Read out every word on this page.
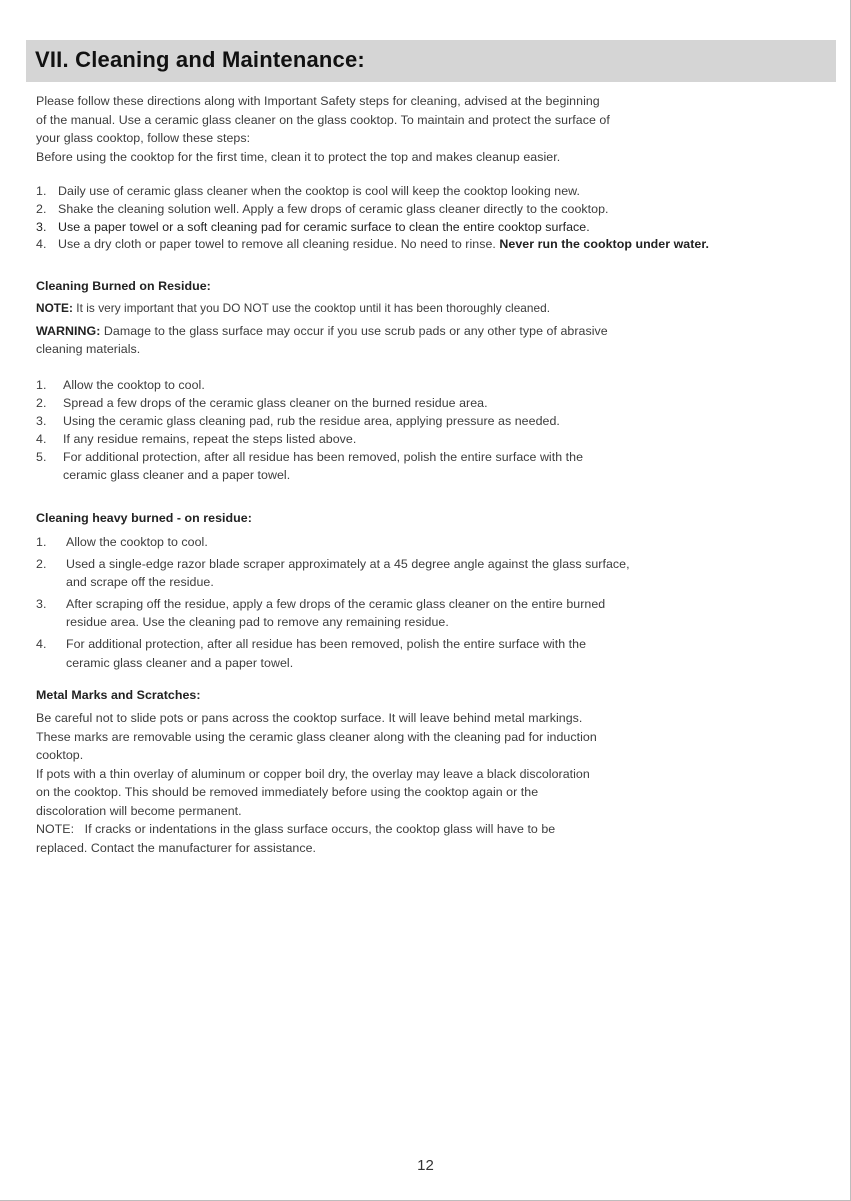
VII. Cleaning and Maintenance:

Please follow these directions along with Important Safety steps for cleaning, advised at the beginning

of the manual. Use a ceramic glass cleaner on the glass cooktop. To maintain and protect the surface of

your glass cooktop, follow these steps:

Before using the cooktop for the first time, clean it to protect the top and makes cleanup easier.

1. Daily use of ceramic glass cleaner when the cooktop is cool will keep the cooktop looking new.
2. Shake the cleaning solution well. Apply a few drops of ceramic glass cleaner directly to the cooktop.
3. Use a paper towel or a soft cleaning pad for ceramic surface to clean the entire cooktop surface.
4. Use a dry cloth or paper towel to remove all cleaning residue. No need to rinse. Never run the cooktop under water.

Cleaning Burned on Residue:

NOTE: It is very important that you DO NOT use the cooktop until it has been thoroughly cleaned.

WARNING: Damage to the glass surface may occur if you use scrub pads or any other type of abrasive

cleaning materials.

1. Allow the cooktop to cool.
2. Spread a few drops of the ceramic glass cleaner on the burned residue area.
3. Using the ceramic glass cleaning pad, rub the residue area, applying pressure as needed.
4. If any residue remains, repeat the steps listed above.
5. For additional protection, after all residue has been removed, polish the entire surface with the
ceramic glass cleaner and a paper towel.

Cleaning heavy burned - on residue:

1. Allow the cooktop to cool.
2. Used a single-edge razor blade scraper approximately at a 45 degree angle against the glass surface,
and scrape off the residue.
3. After scraping off the residue, apply a few drops of the ceramic glass cleaner on the entire burned
residue area. Use the cleaning pad to remove any remaining residue.
4. For additional protection, after all residue has been removed, polish the entire surface with the
ceramic glass cleaner and a paper towel.

Metal Marks and Scratches:

Be careful not to slide pots or pans across the cooktop surface. It will leave behind metal markings.

These marks are removable using the ceramic glass cleaner along with the cleaning pad for induction

cooktop.

If pots with a thin overlay of aluminum or copper boil dry, the overlay may leave a black discoloration

on the cooktop. This should be removed immediately before using the cooktop again or the

discoloration will become permanent.

NOTE:   If cracks or indentations in the glass surface occurs, the cooktop glass will have to be

replaced. Contact the manufacturer for assistance.

12
